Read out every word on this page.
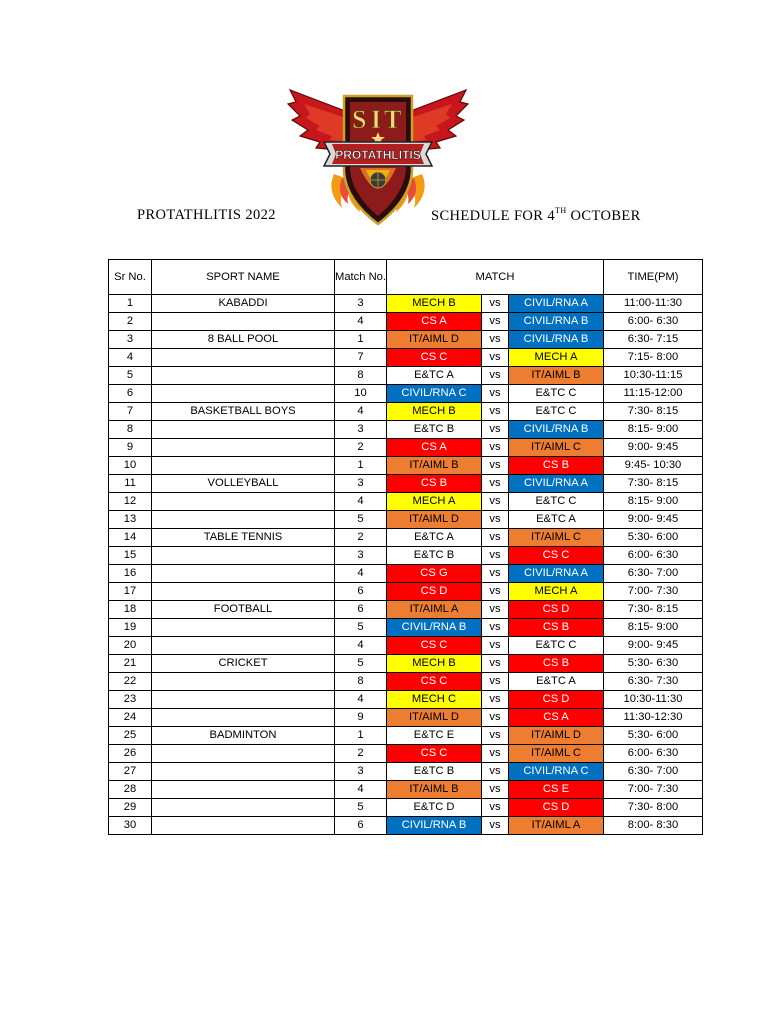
S I T
PROTATHLITIS
PROTATHLITIS 2022	SCHEDULE FOR 4TH OCTOBER
Sr No.	SPORT NAME	Match No.	MATCH			TIME(PM)
1	KABADDI	3	MECH B	vs	CIVIL/RNA A	11:00-11:30
2		4	CS A	vs	CIVIL/RNA B	6:00- 6:30
3	8 BALL POOL	1	IT/AIML D	vs	CIVIL/RNA B	6:30- 7:15
4		7	CS C	vs	MECH A	7:15- 8:00
5		8	E&TC A	vs	IT/AIML B	10:30-11:15
6		10	CIVIL/RNA C	vs	E&TC C	11:15-12:00
7	BASKETBALL BOYS	4	MECH B	vs	E&TC C	7:30- 8:15
8		3	E&TC B	vs	CIVIL/RNA B	8:15- 9:00
9		2	CS A	vs	IT/AIML C	9:00- 9:45
10		1	IT/AIML B	vs	CS B	9:45- 10:30
11	VOLLEYBALL	3	CS B	vs	CIVIL/RNA A	7:30- 8:15
12		4	MECH A	vs	E&TC C	8:15- 9:00
13		5	IT/AIML D	vs	E&TC A	9:00- 9:45
14	TABLE TENNIS	2	E&TC A	vs	IT/AIML C	5:30- 6:00
15		3	E&TC B	vs	CS C	6:00- 6:30
16		4	CS G	vs	CIVIL/RNA A	6:30- 7:00
17		6	CS D	vs	MECH A	7:00- 7:30
18	FOOTBALL	6	IT/AIML A	vs	CS D	7:30- 8:15
19		5	CIVIL/RNA B	vs	CS B	8:15- 9:00
20		4	CS C	vs	E&TC C	9:00- 9:45
21	CRICKET	5	MECH B	vs	CS B	5:30- 6:30
22		8	CS C	vs	E&TC A	6:30- 7:30
23		4	MECH C	vs	CS D	10:30-11:30
24		9	IT/AIML D	vs	CS A	11:30-12:30
25	BADMINTON	1	E&TC E	vs	IT/AIML D	5:30- 6:00
26		2	CS C	vs	IT/AIML C	6:00- 6:30
27		3	E&TC B	vs	CIVIL/RNA C	6:30- 7:00
28		4	IT/AIML B	vs	CS E	7:00- 7:30
29		5	E&TC D	vs	CS D	7:30- 8:00
30		6	CIVIL/RNA B	vs	IT/AIML A	8:00- 8:30
